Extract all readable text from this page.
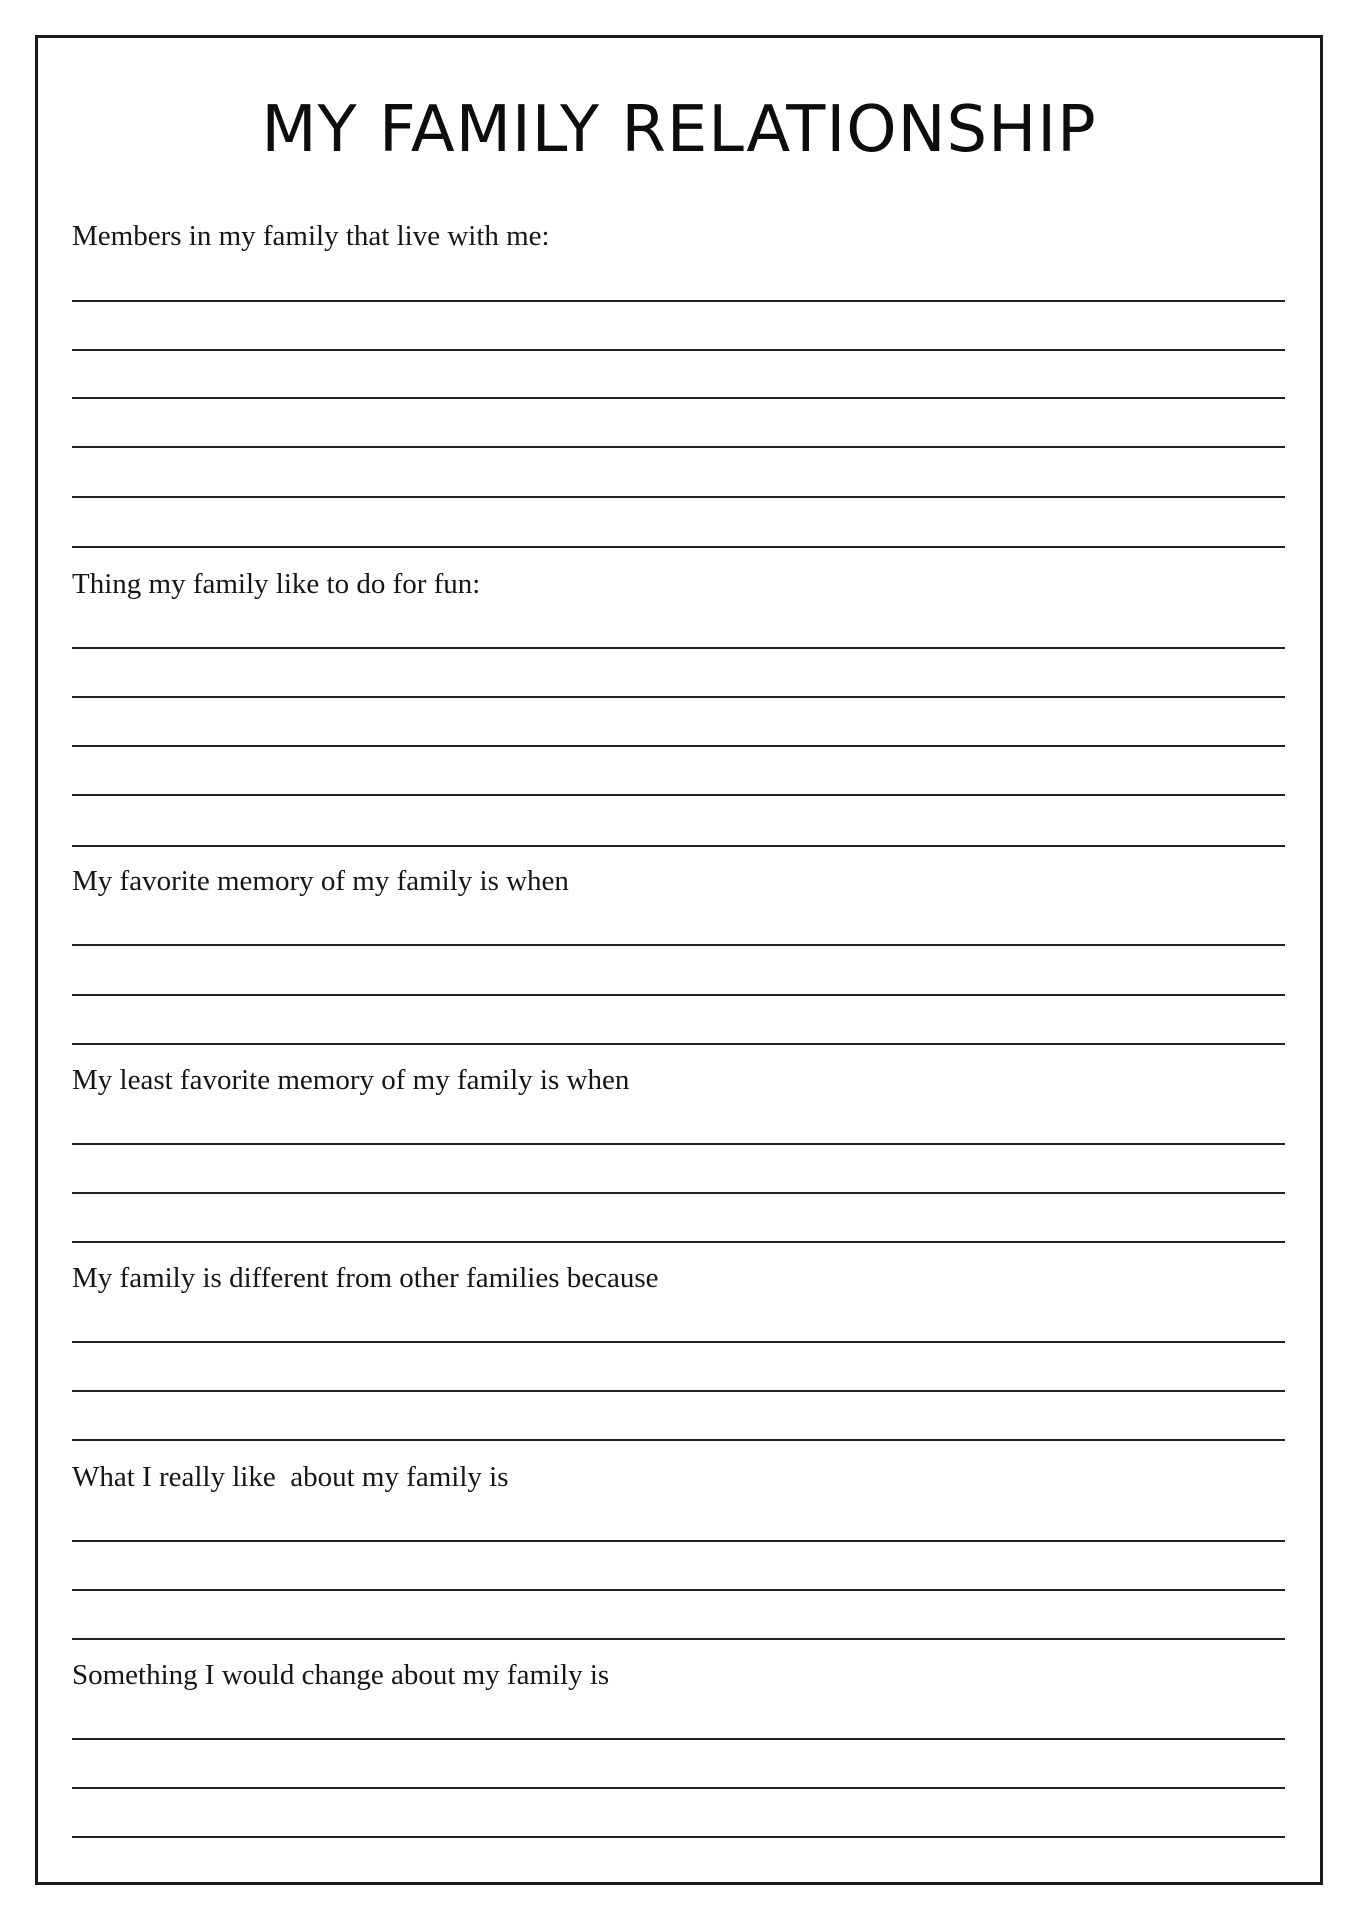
MY FAMILY RELATIONSHIP
Members in my family that live with me:
Thing my family like to do for fun:
My favorite memory of my family is when
My least favorite memory of my family is when
My family is different from other families because
What I really like  about my family is
Something I would change about my family is
